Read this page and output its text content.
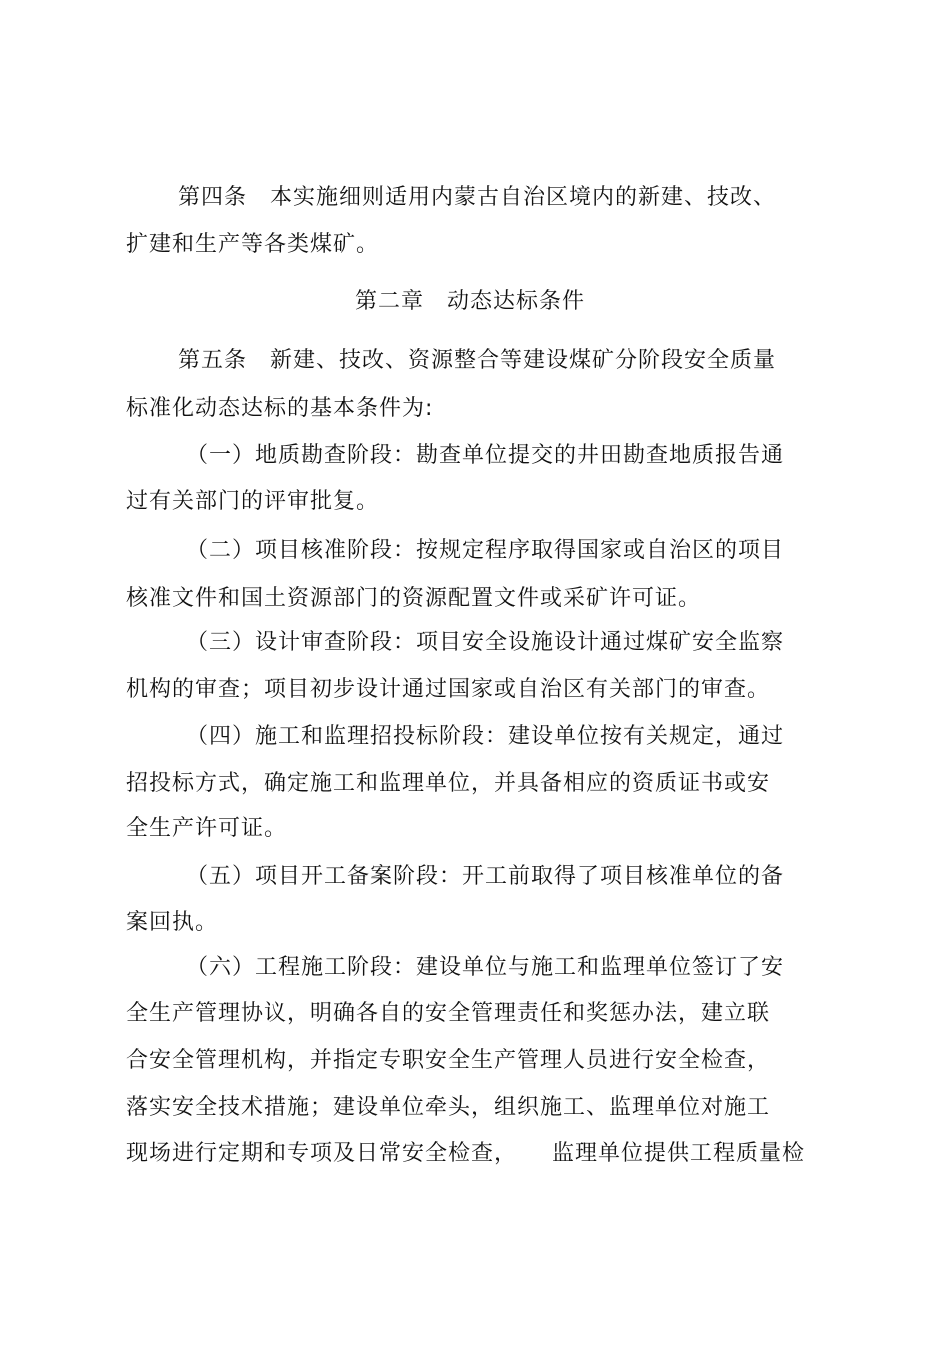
第四条　本实施细则适用内蒙古自治区境内的新建、技改、
扩建和生产等各类煤矿。
第二章　动态达标条件
第五条　新建、技改、资源整合等建设煤矿分阶段安全质量
标准化动态达标的基本条件为:
（一）地质勘查阶段：勘查单位提交的井田勘查地质报告通
过有关部门的评审批复。
（二）项目核准阶段：按规定程序取得国家或自治区的项目
核准文件和国土资源部门的资源配置文件或采矿许可证。
（三）设计审查阶段：项目安全设施设计通过煤矿安全监察
机构的审查；项目初步设计通过国家或自治区有关部门的审查。
（四）施工和监理招投标阶段：建设单位按有关规定，通过
招投标方式，确定施工和监理单位，并具备相应的资质证书或安
全生产许可证。
（五）项目开工备案阶段：开工前取得了项目核准单位的备
案回执。
（六）工程施工阶段：建设单位与施工和监理单位签订了安
全生产管理协议，明确各自的安全管理责任和奖惩办法，建立联
合安全管理机构，并指定专职安全生产管理人员进行安全检查，
落实安全技术措施；建设单位牵头，组织施工、监理单位对施工
现场进行定期和专项及日常安全检查，　　监理单位提供工程质量检
